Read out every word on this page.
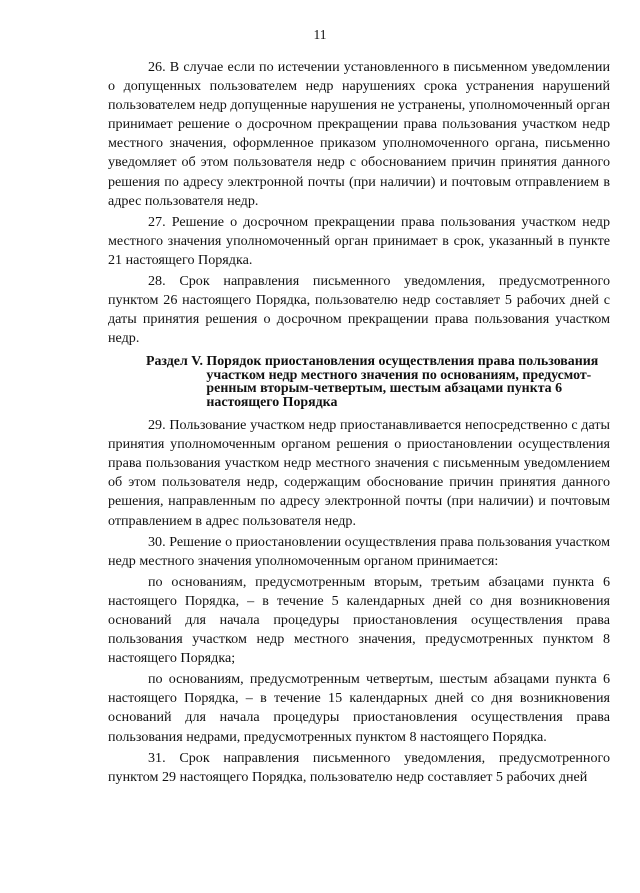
11

26. В случае если по истечении установленного в письменном уведомлении о допущенных пользователем недр нарушениях срока устранения нарушений пользователем недр допущенные нарушения не устранены, уполномоченный орган принимает решение о досрочном прекращении права пользования участком недр местного значения, оформленное приказом уполномоченного органа, письменно уведомляет об этом пользователя недр с обоснованием причин принятия данного решения по адресу электронной почты (при наличии) и почтовым отправлением в адрес пользователя недр.

27. Решение о досрочном прекращении права пользования участком недр местного значения уполномоченный орган принимает в срок, указанный в пункте 21 настоящего Порядка.

28. Срок направления письменного уведомления, предусмотренного пунктом 26 настоящего Порядка, пользователю недр составляет 5 рабочих дней с даты принятия решения о досрочном прекращении права пользования участком недр.

Раздел V.
Порядок приостановления осуществления права пользования участком недр местного значения по основаниям, предусмот-ренным вторым-четвертым, шестым абзацами пункта 6 настоящего Порядка

29. Пользование участком недр приостанавливается непосредственно с даты принятия уполномоченным органом решения о приостановлении осуществления права пользования участком недр местного значения с письменным уведомлением об этом пользователя недр, содержащим обоснование причин принятия данного решения, направленным по адресу электронной почты (при наличии) и почтовым отправлением в адрес пользователя недр.

30. Решение о приостановлении осуществления права пользования участком недр местного значения уполномоченным органом принимается:

по основаниям, предусмотренным вторым, третьим абзацами пункта 6 настоящего Порядка, – в течение 5 календарных дней со дня возникновения оснований для начала процедуры приостановления осуществления права пользования участком недр местного значения, предусмотренных пунктом 8 настоящего Порядка;

по основаниям, предусмотренным четвертым, шестым абзацами пункта 6 настоящего Порядка, – в течение 15 календарных дней со дня возникновения оснований для начала процедуры приостановления осуществления права пользования недрами, предусмотренных пунктом 8 настоящего Порядка.

31. Срок направления письменного уведомления, предусмотренного пунктом 29 настоящего Порядка, пользователю недр составляет 5 рабочих дней
